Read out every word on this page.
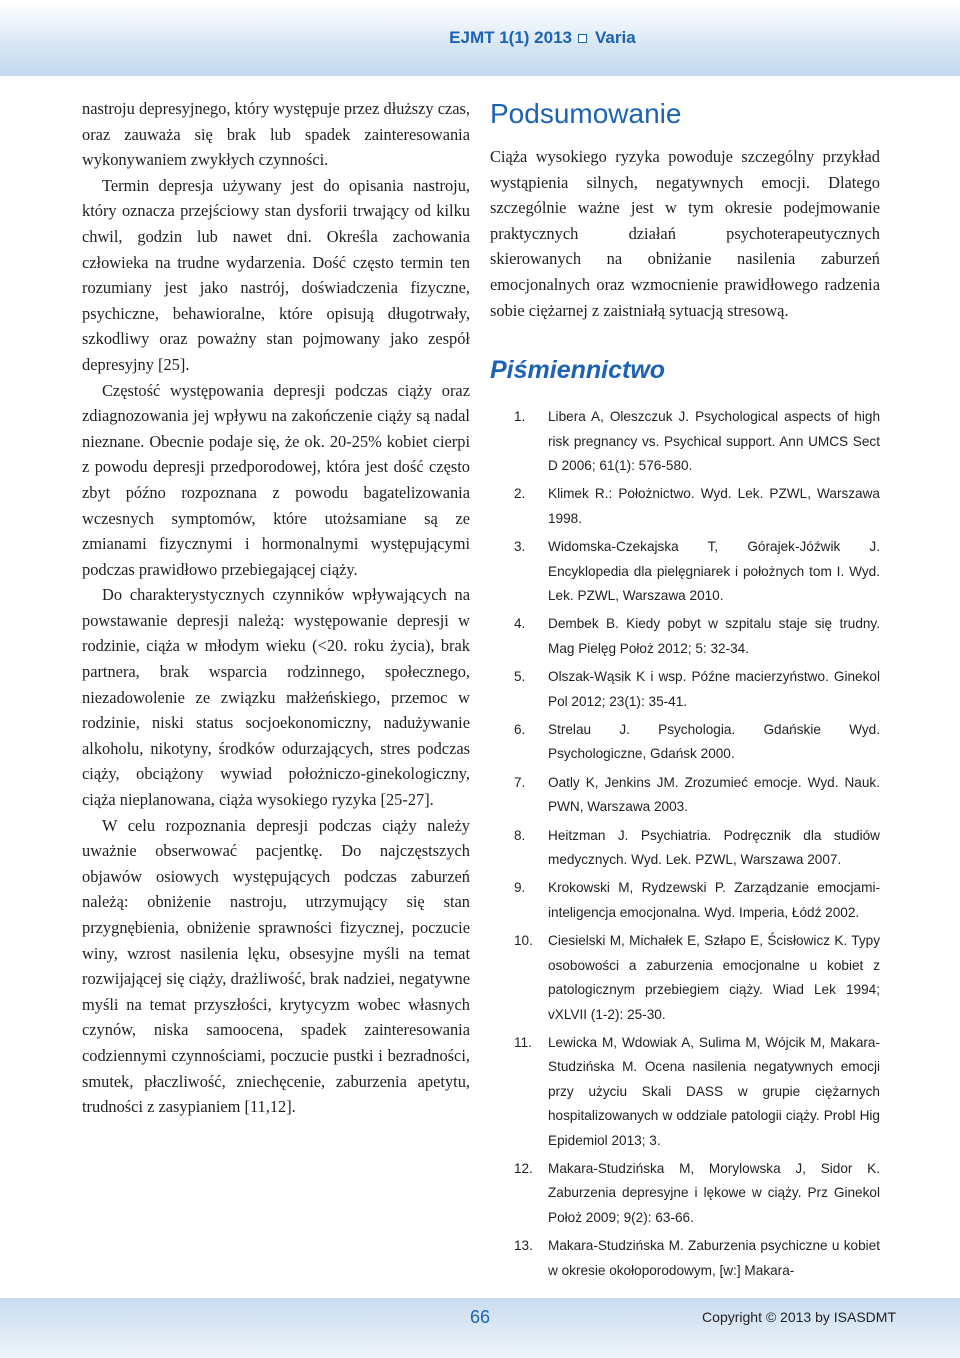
EJMT 1(1) 2013 Varia

nastroju depresyjnego, który występuje przez dłuższy czas, oraz zauważa się brak lub spadek zainteresowania wykonywaniem zwykłych czynności.

Termin depresja używany jest do opisania nastroju, który oznacza przejściowy stan dysforii trwający od kilku chwil, godzin lub nawet dni. Określa zachowania człowieka na trudne wydarzenia. Dość często termin ten rozumiany jest jako nastrój, doświadczenia fizyczne, psychiczne, behawioralne, które opisują długotrwały, szkodliwy oraz poważny stan pojmowany jako zespół depresyjny [25].

Częstość występowania depresji podczas ciąży oraz zdiagnozowania jej wpływu na zakończenie ciąży są nadal nieznane. Obecnie podaje się, że ok. 20-25% kobiet cierpi z powodu depresji przedporodowej, która jest dość często zbyt późno rozpoznana z powodu bagatelizowania wczesnych symptomów, które utożsamiane są ze zmianami fizycznymi i hormonalnymi występującymi podczas prawidłowo przebiegającej ciąży.

Do charakterystycznych czynników wpływających na powstawanie depresji należą: występowanie depresji w rodzinie, ciąża w młodym wieku (<20. roku życia), brak partnera, brak wsparcia rodzinnego, społecznego, niezadowolenie ze związku małżeńskiego, przemoc w rodzinie, niski status socjoekonomiczny, nadużywanie alkoholu, nikotyny, środków odurzających, stres podczas ciąży, obciążony wywiad położniczo-ginekologiczny, ciąża nieplanowana, ciąża wysokiego ryzyka [25-27].

W celu rozpoznania depresji podczas ciąży należy uważnie obserwować pacjentkę. Do najczęstszych objawów osiowych występujących podczas zaburzeń należą: obniżenie nastroju, utrzymujący się stan przygnębienia, obniżenie sprawności fizycznej, poczucie winy, wzrost nasilenia lęku, obsesyjne myśli na temat rozwijającej się ciąży, drażliwość, brak nadziei, negatywne myśli na temat przyszłości, krytycyzm wobec własnych czynów, niska samoocena, spadek zainteresowania codziennymi czynnościami, poczucie pustki i bezradności, smutek, płaczliwość, zniechęcenie, zaburzenia apetytu, trudności z zasypianiem [11,12].

Podsumowanie

Ciąża wysokiego ryzyka powoduje szczególny przykład wystąpienia silnych, negatywnych emocji. Dlatego szczególnie ważne jest w tym okresie podejmowanie praktycznych działań psychoterapeutycznych skierowanych na obniżanie nasilenia zaburzeń emocjonalnych oraz wzmocnienie prawidłowego radzenia sobie ciężarnej z zaistniałą sytuacją stresową.

Piśmiennictwo
1.	Libera A, Oleszczuk J. Psychological aspects of high risk pregnancy vs. Psychical support. Ann UMCS Sect D 2006; 61(1): 576-580.
2.	Klimek R.: Położnictwo. Wyd. Lek. PZWL, Warszawa 1998.
3.	Widomska-Czekajska T, Górajek-Jóźwik J. Encyklopedia dla pielęgniarek i położnych tom I. Wyd. Lek. PZWL, Warszawa 2010.
4.	Dembek B. Kiedy pobyt w szpitalu staje się trudny. Mag Pielęg Położ 2012; 5: 32-34.
5.	Olszak-Wąsik K i wsp. Późne macierzyństwo. Ginekol Pol 2012; 23(1): 35-41.
6.	Strelau J. Psychologia. Gdańskie Wyd. Psychologiczne, Gdańsk 2000.
7.	Oatly K, Jenkins JM. Zrozumieć emocje. Wyd. Nauk. PWN, Warszawa 2003.
8.	Heitzman J. Psychiatria. Podręcznik dla studiów medycznych. Wyd. Lek. PZWL, Warszawa 2007.
9.	Krokowski M, Rydzewski P. Zarządzanie emocjami- inteligencja emocjonalna. Wyd. Imperia, Łódź 2002.
10.	Ciesielski M, Michałek E, Szłapo E, Ścisłowicz K. Typy osobowości a zaburzenia emocjonalne u kobiet z patologicznym przebiegiem ciąży. Wiad Lek 1994; vXLVII (1-2): 25-30.
11.	Lewicka M, Wdowiak A, Sulima M, Wójcik M, Makara-Studzińska M. Ocena nasilenia negatywnych emocji przy użyciu Skali DASS w grupie ciężarnych hospitalizowanych w oddziale patologii ciąży. Probl Hig Epidemiol 2013; 3.
12.	Makara-Studzińska M, Morylowska J, Sidor K. Zaburzenia depresyjne i lękowe w ciąży. Prz Ginekol Położ 2009; 9(2): 63-66.
13.	Makara-Studzińska M. Zaburzenia psychiczne u kobiet w okresie okołoporodowym, [w:] Makara-
66	Copyright © 2013 by ISASDMT
